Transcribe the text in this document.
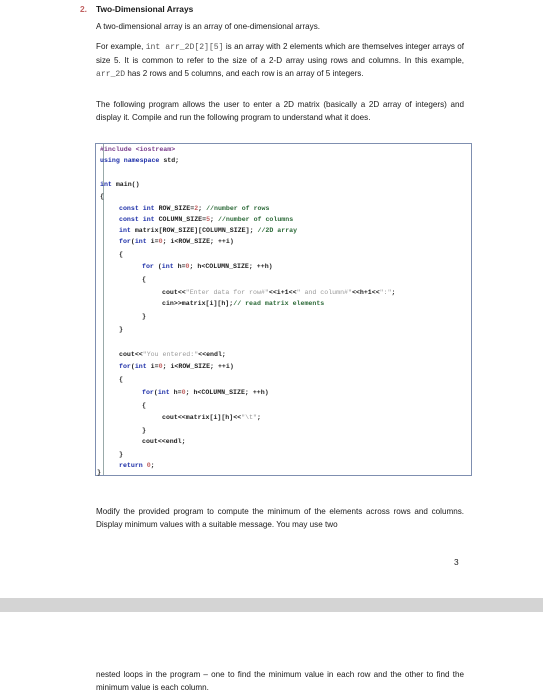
2. Two-Dimensional Arrays
A two-dimensional array is an array of one-dimensional arrays.
For example, int arr_2D[2][5] is an array with 2 elements which are themselves integer arrays of size 5. It is common to refer to the size of a 2-D array using rows and columns. In this example, arr_2D has 2 rows and 5 columns, and each row is an array of 5 integers.
The following program allows the user to enter a 2D matrix (basically a 2D array of integers) and display it. Compile and run the following program to understand what it does.
#include <iostream>
using namespace std;
int main()
{
const int ROW_SIZE=2; //number of rows
const int COLUMN_SIZE=5; //number of columns
int matrix[ROW_SIZE][COLUMN_SIZE]; //2D array
for(int i=0; i<ROW_SIZE; ++i)
{
for (int h=0; h<COLUMN_SIZE; ++h)
{
cout<<"Enter data for row#"<<i+1<<" and column#"<<h+1<<":";
cin>>matrix[i][h];// read matrix elements
}
}
cout<<"You entered:"<<endl;
for(int i=0; i<ROW_SIZE; ++i)
{
for(int h=0; h<COLUMN_SIZE; ++h)
{
cout<<matrix[i][h]<<"\t";
}
cout<<endl;
}
return 0;
}
Modify the provided program to compute the minimum of the elements across rows and columns. Display minimum values with a suitable message. You may use two
3
nested loops in the program – one to find the minimum value in each row and the other to find the minimum value is each column.
